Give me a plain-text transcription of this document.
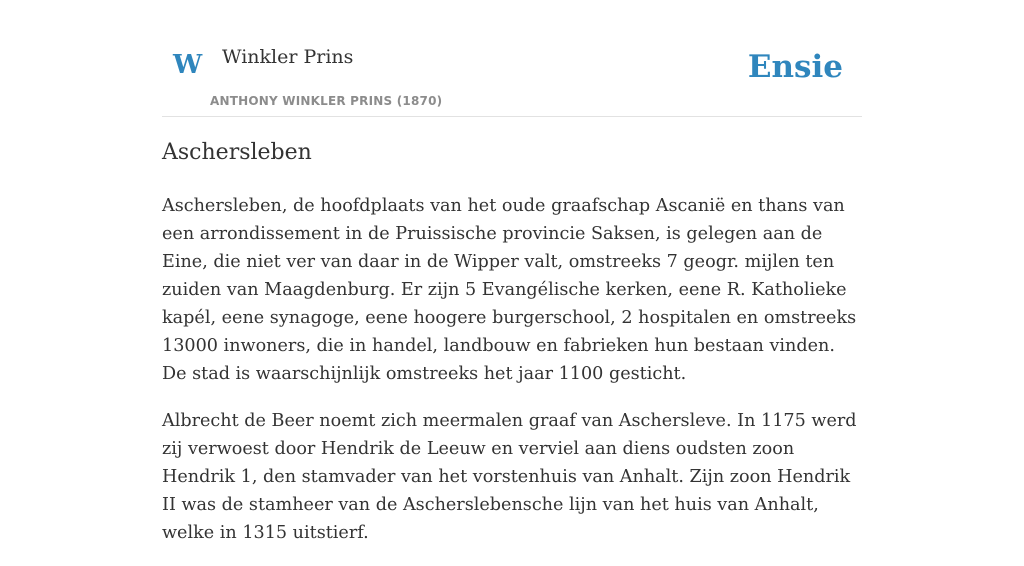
W Winkler Prins
ANTHONY WINKLER PRINS (1870)
Ensie
Aschersleben

Aschersleben, de hoofdplaats van het oude graafschap Ascanië en thans van een arrondissement in de Pruissische provincie Saksen, is gelegen aan de Eine, die niet ver van daar in de Wipper valt, omstreeks 7 geogr. mijlen ten zuiden van Maagdenburg. Er zijn 5 Evangélische kerken, eene R. Katholieke kapél, eene synagoge, eene hoogere burgerschool, 2 hospitalen en omstreeks 13000 inwoners, die in handel, landbouw en fabrieken hun bestaan vinden. De stad is waarschijnlijk omstreeks het jaar 1100 gesticht.

Albrecht de Beer noemt zich meermalen graaf van Aschersleve. In 1175 werd zij verwoest door Hendrik de Leeuw en verviel aan diens oudsten zoon Hendrik 1, den stamvader van het vorstenhuis van Anhalt. Zijn zoon Hendrik II was de stamheer van de Ascherslebensche lijn van het huis van Anhalt, welke in 1315 uitstierf.
